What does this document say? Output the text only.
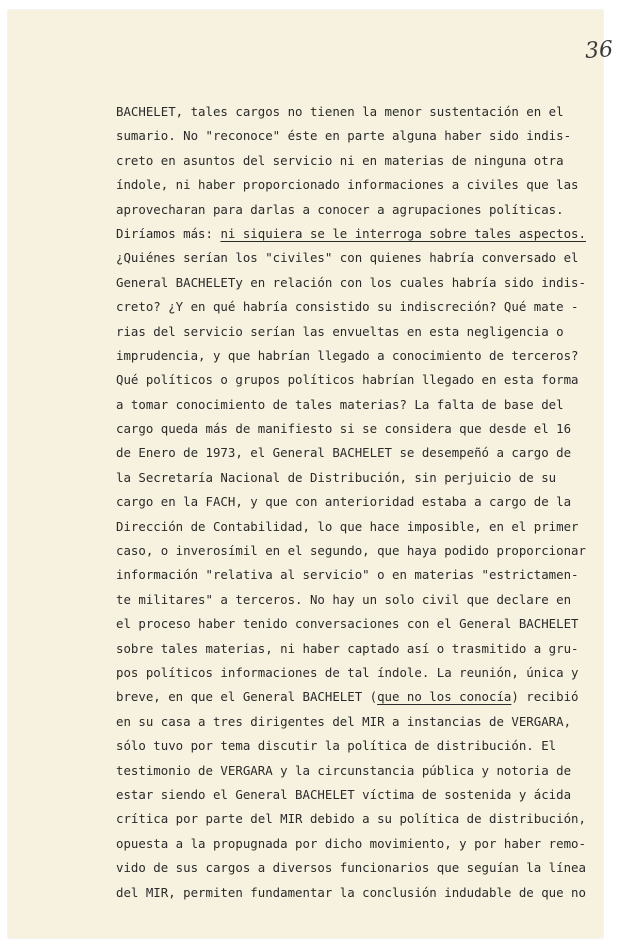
36
BACHELET, tales cargos no tienen la menor sustentación en el
sumario. No "reconoce" éste en parte alguna haber sido indis-
creto en asuntos del servicio ni en materias de ninguna otra
índole, ni haber proporcionado informaciones a civiles que las
aprovecharan para darlas a conocer a agrupaciones políticas.
Diríamos más: ni siquiera se le interroga sobre tales aspectos.
¿Quiénes serían los "civiles" con quienes habría conversado el
General BACHELETy en relación con los cuales habría sido indis-
creto? ¿Y en qué habría consistido su indiscreción? Qué mate -
rias del servicio serían las envueltas en esta negligencia o
imprudencia, y que habrían llegado a conocimiento de terceros?
Qué políticos o grupos políticos habrían llegado en esta forma
a tomar conocimiento de tales materias? La falta de base del
cargo queda más de manifiesto si se considera que desde el 16
de Enero de 1973, el General BACHELET se desempeñó a cargo de
la Secretaría Nacional de Distribución, sin perjuicio de su
cargo en la FACH, y que con anterioridad estaba a cargo de la
Dirección de Contabilidad, lo que hace imposible, en el primer
caso, o inverosímil en el segundo, que haya podido proporcionar
información "relativa al servicio" o en materias "estrictamen-
te militares" a terceros. No hay un solo civil que declare en
el proceso haber tenido conversaciones con el General BACHELET
sobre tales materias, ni haber captado así o trasmitido a gru-
pos políticos informaciones de tal índole. La reunión, única y
breve, en que el General BACHELET (que no los conocía) recibió
en su casa a tres dirigentes del MIR a instancias de VERGARA,
sólo tuvo por tema discutir la política de distribución. El
testimonio de VERGARA y la circunstancia pública y notoria de
estar siendo el General BACHELET víctima de sostenida y ácida
crítica por parte del MIR debido a su política de distribución,
opuesta a la propugnada por dicho movimiento, y por haber remo-
vido de sus cargos a diversos funcionarios que seguían la línea
del MIR, permiten fundamentar la conclusión indudable de que no
